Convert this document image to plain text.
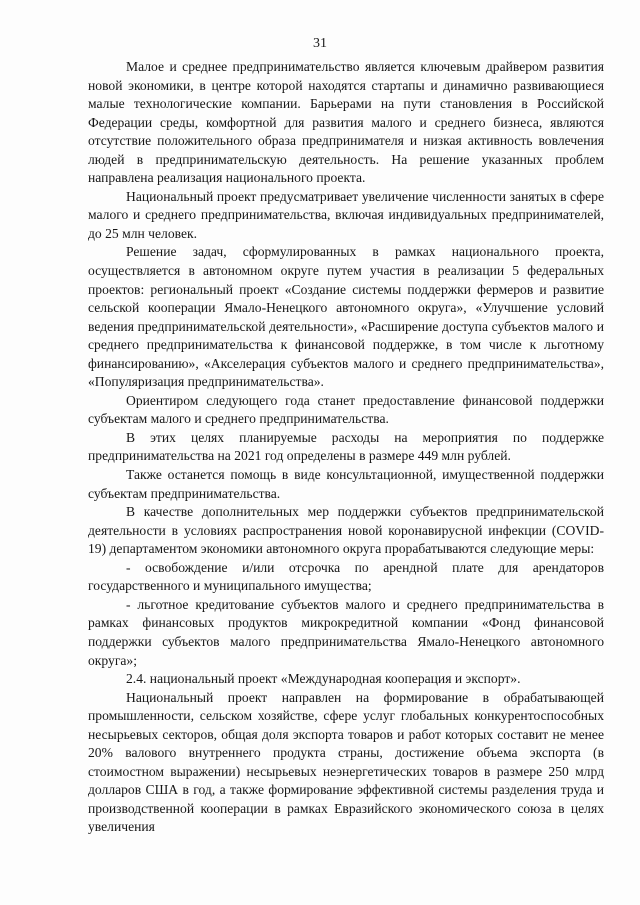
31

Малое и среднее предпринимательство является ключевым драйвером развития новой экономики, в центре которой находятся стартапы и динамично развивающиеся малые технологические компании. Барьерами на пути становления в Российской Федерации среды, комфортной для развития малого и среднего бизнеса, являются отсутствие положительного образа предпринимателя и низкая активность вовлечения людей в предпринимательскую деятельность. На решение указанных проблем направлена реализация национального проекта.

Национальный проект предусматривает увеличение численности занятых в сфере малого и среднего предпринимательства, включая индивидуальных предпринимателей, до 25 млн человек.

Решение задач, сформулированных в рамках национального проекта, осуществляется в автономном округе путем участия в реализации 5 федеральных проектов: региональный проект «Создание системы поддержки фермеров и развитие сельской кооперации Ямало-Ненецкого автономного округа», «Улучшение условий ведения предпринимательской деятельности», «Расширение доступа субъектов малого и среднего предпринимательства к финансовой поддержке, в том числе к льготному финансированию», «Акселерация субъектов малого и среднего предпринимательства», «Популяризация предпринимательства».

Ориентиром следующего года станет предоставление финансовой поддержки субъектам малого и среднего предпринимательства.

В этих целях планируемые расходы на мероприятия по поддержке предпринимательства на 2021 год определены в размере 449 млн рублей.

Также останется помощь в виде консультационной, имущественной поддержки субъектам предпринимательства.

В качестве дополнительных мер поддержки субъектов предпринимательской деятельности в условиях распространения новой коронавирусной инфекции (COVID-19) департаментом экономики автономного округа прорабатываются следующие меры:

- освобождение и/или отсрочка по арендной плате для арендаторов государственного и муниципального имущества;

- льготное кредитование субъектов малого и среднего предпринимательства в рамках финансовых продуктов микрокредитной компании «Фонд финансовой поддержки субъектов малого предпринимательства Ямало-Ненецкого автономного округа»;

2.4. национальный проект «Международная кооперация и экспорт».

Национальный проект направлен на формирование в обрабатывающей промышленности, сельском хозяйстве, сфере услуг глобальных конкурентоспособных несырьевых секторов, общая доля экспорта товаров и работ которых составит не менее 20% валового внутреннего продукта страны, достижение объема экспорта (в стоимостном выражении) несырьевых неэнергетических товаров в размере 250 млрд долларов США в год, а также формирование эффективной системы разделения труда и производственной кооперации в рамках Евразийского экономического союза в целях увеличения
